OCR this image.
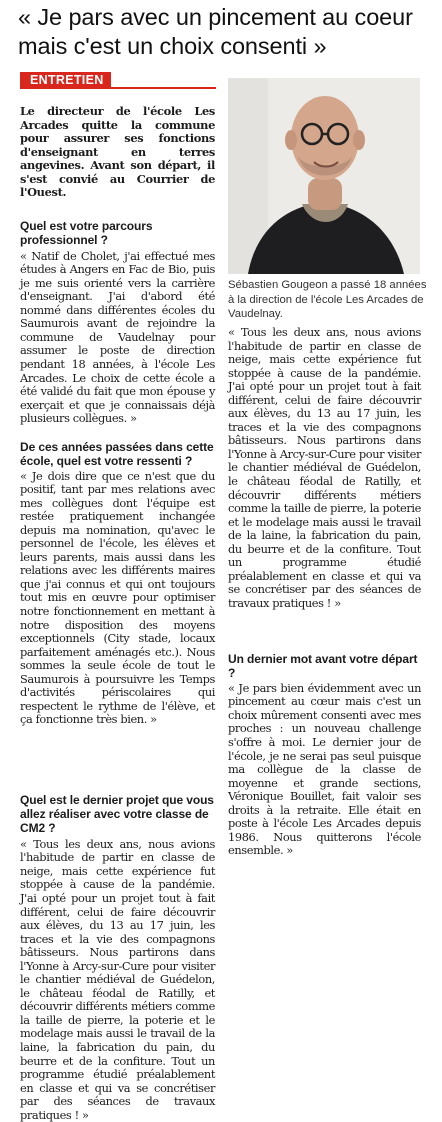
« Je pars avec un pincement au coeur mais c'est un choix consenti »
ENTRETIEN

Le directeur de l'école Les Arcades quitte la commune pour assurer ses fonctions d'enseignant en terres angevines. Avant son départ, il s'est convié au Courrier de l'Ouest.

Quel est votre parcours professionnel ?

« Natif de Cholet, j'ai effectué mes études à Angers en Fac de Bio, puis je me suis orienté vers la carrière d'enseignant. J'ai d'abord été nommé dans différentes écoles du Saumurois avant de rejoindre la commune de Vaudelnay pour assumer le poste de direction pendant 18 années, à l'école Les Arcades. Le choix de cette école a été validé du fait que mon épouse y exerçait et que je connaissais déjà plusieurs collègues. »

De ces années passées dans cette école, quel est votre ressenti ?

« Je dois dire que ce n'est que du positif, tant par mes relations avec mes collègues dont l'équipe est restée pratiquement inchangée depuis ma nomination, qu'avec le personnel de l'école, les élèves et leurs parents, mais aussi dans les relations avec les différents maires que j'ai connus et qui ont toujours tout mis en œuvre pour optimiser notre fonctionnement en mettant à notre disposition des moyens exceptionnels (City stade, locaux parfaitement aménagés etc.). Nous sommes la seule école de tout le Saumurois à poursuivre les Temps d'activités périscolaires qui respectent le rythme de l'élève, et ça fonctionne très bien. »

Quel est le dernier projet que vous allez réaliser avec votre classe de CM2 ?

« Tous les deux ans, nous avions l'habitude de partir en classe de neige, mais cette expérience fut stoppée à cause de la pandémie. J'ai opté pour un projet tout à fait différent, celui de faire découvrir aux élèves, du 13 au 17 juin, les traces et la vie des compagnons bâtisseurs. Nous partirons dans l'Yonne à Arcy-sur-Cure pour visiter le chantier médiéval de Guédelon, le château féodal de Ratilly, et découvrir différents métiers comme la taille de pierre, la poterie et le modelage mais aussi le travail de la laine, la fabrication du pain, du beurre et de la confiture. Tout un programme étudié préalablement en classe et qui va se concrétiser par des séances de travaux pratiques ! »

Sébastien Gougeon a passé 18 années à la direction de l'école Les Arcades de Vaudelnay.

« Tous les deux ans, nous avions l'habitude de partir en classe de neige, mais cette expérience fut stoppée à cause de la pandémie. J'ai opté pour un projet tout à fait différent, celui de faire découvrir aux élèves, du 13 au 17 juin, les traces et la vie des compagnons bâtisseurs. Nous partirons dans l'Yonne à Arcy-sur-Cure pour visiter le chantier médiéval de Guédelon, le château féodal de Ratilly, et découvrir différents métiers comme la taille de pierre, la poterie et le modelage mais aussi le travail de la laine, la fabrication du pain, du beurre et de la confiture. Tout un programme étudié préalablement en classe et qui va se concrétiser par des séances de travaux pratiques ! »

Un dernier mot avant votre départ ?

« Je pars bien évidemment avec un pincement au cœur mais c'est un choix mûrement consenti avec mes proches : un nouveau challenge s'offre à moi. Le dernier jour de l'école, je ne serai pas seul puisque ma collègue de la classe de moyenne et grande sections, Véronique Bouillet, fait valoir ses droits à la retraite. Elle était en poste à l'école Les Arcades depuis 1986. Nous quitterons l'école ensemble. »
